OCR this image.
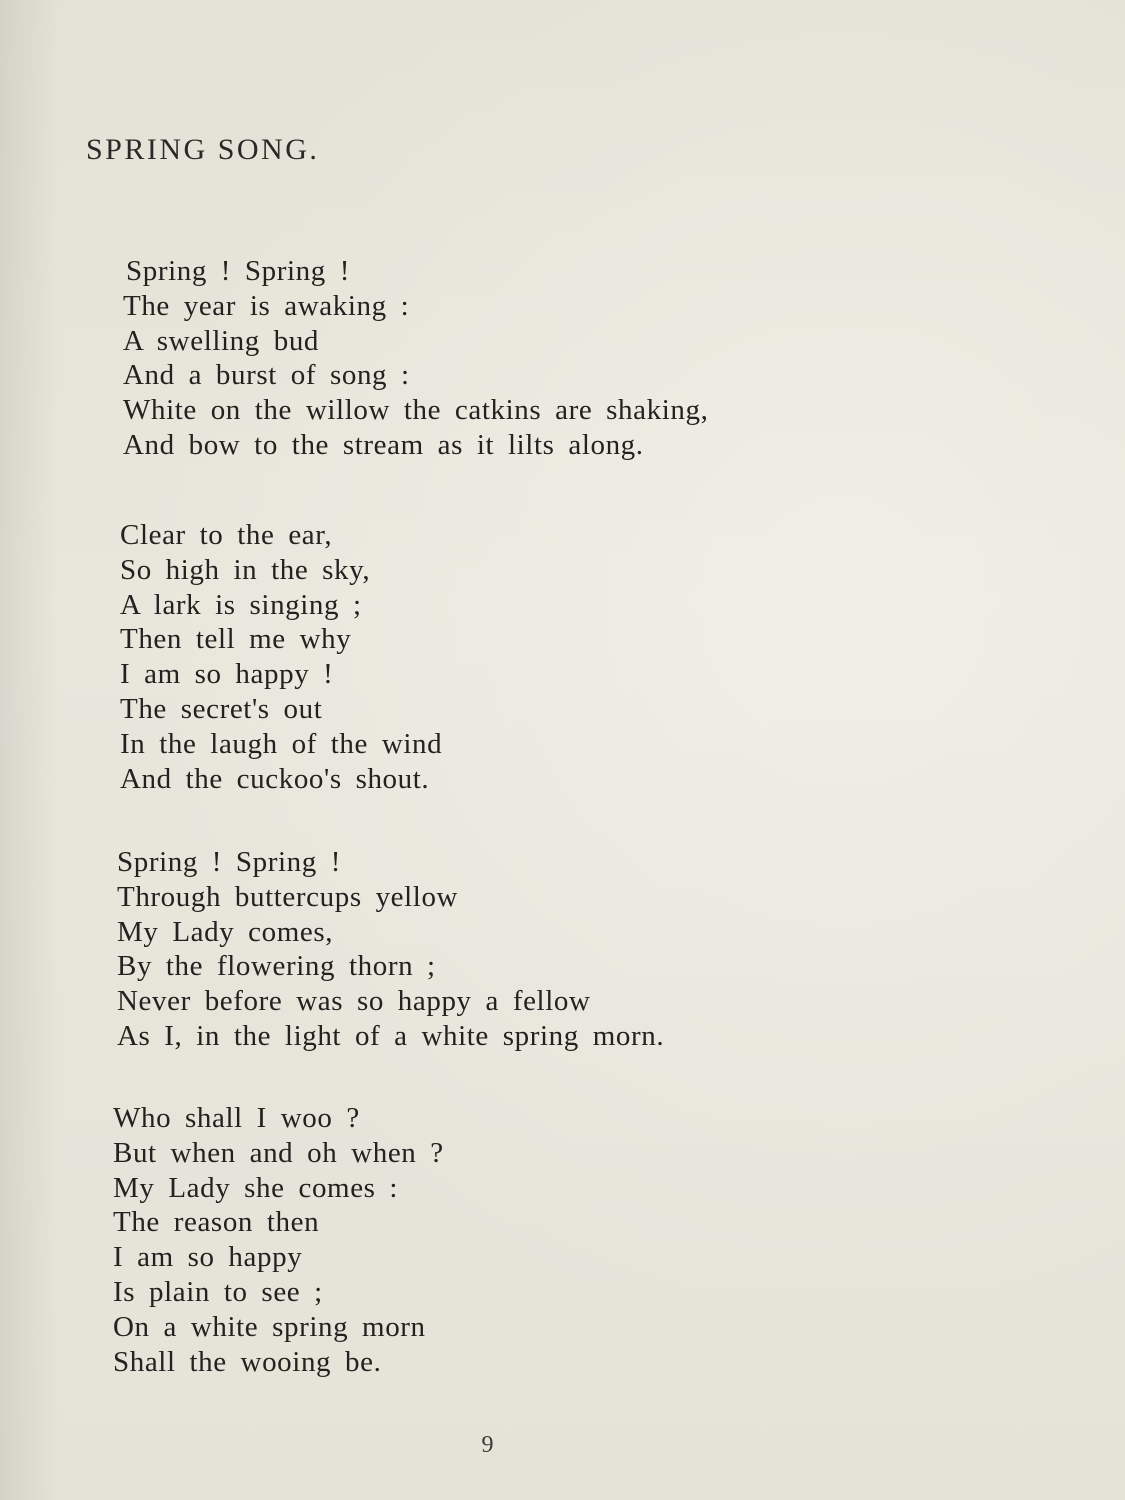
SPRING SONG.
Spring ! Spring !
The year is awaking :
A swelling bud
And a burst of song :
White on the willow the catkins are shaking,
And bow to the stream as it lilts along.
Clear to the ear,
So high in the sky,
A lark is singing ;
Then tell me why
I am so happy !
The secret's out
In the laugh of the wind
And the cuckoo's shout.
Spring ! Spring !
Through buttercups yellow
My Lady comes,
By the flowering thorn ;
Never before was so happy a fellow
As I, in the light of a white spring morn.
Who shall I woo ?
But when and oh when ?
My Lady she comes :
The reason then
I am so happy
Is plain to see ;
On a white spring morn
Shall the wooing be.
9
